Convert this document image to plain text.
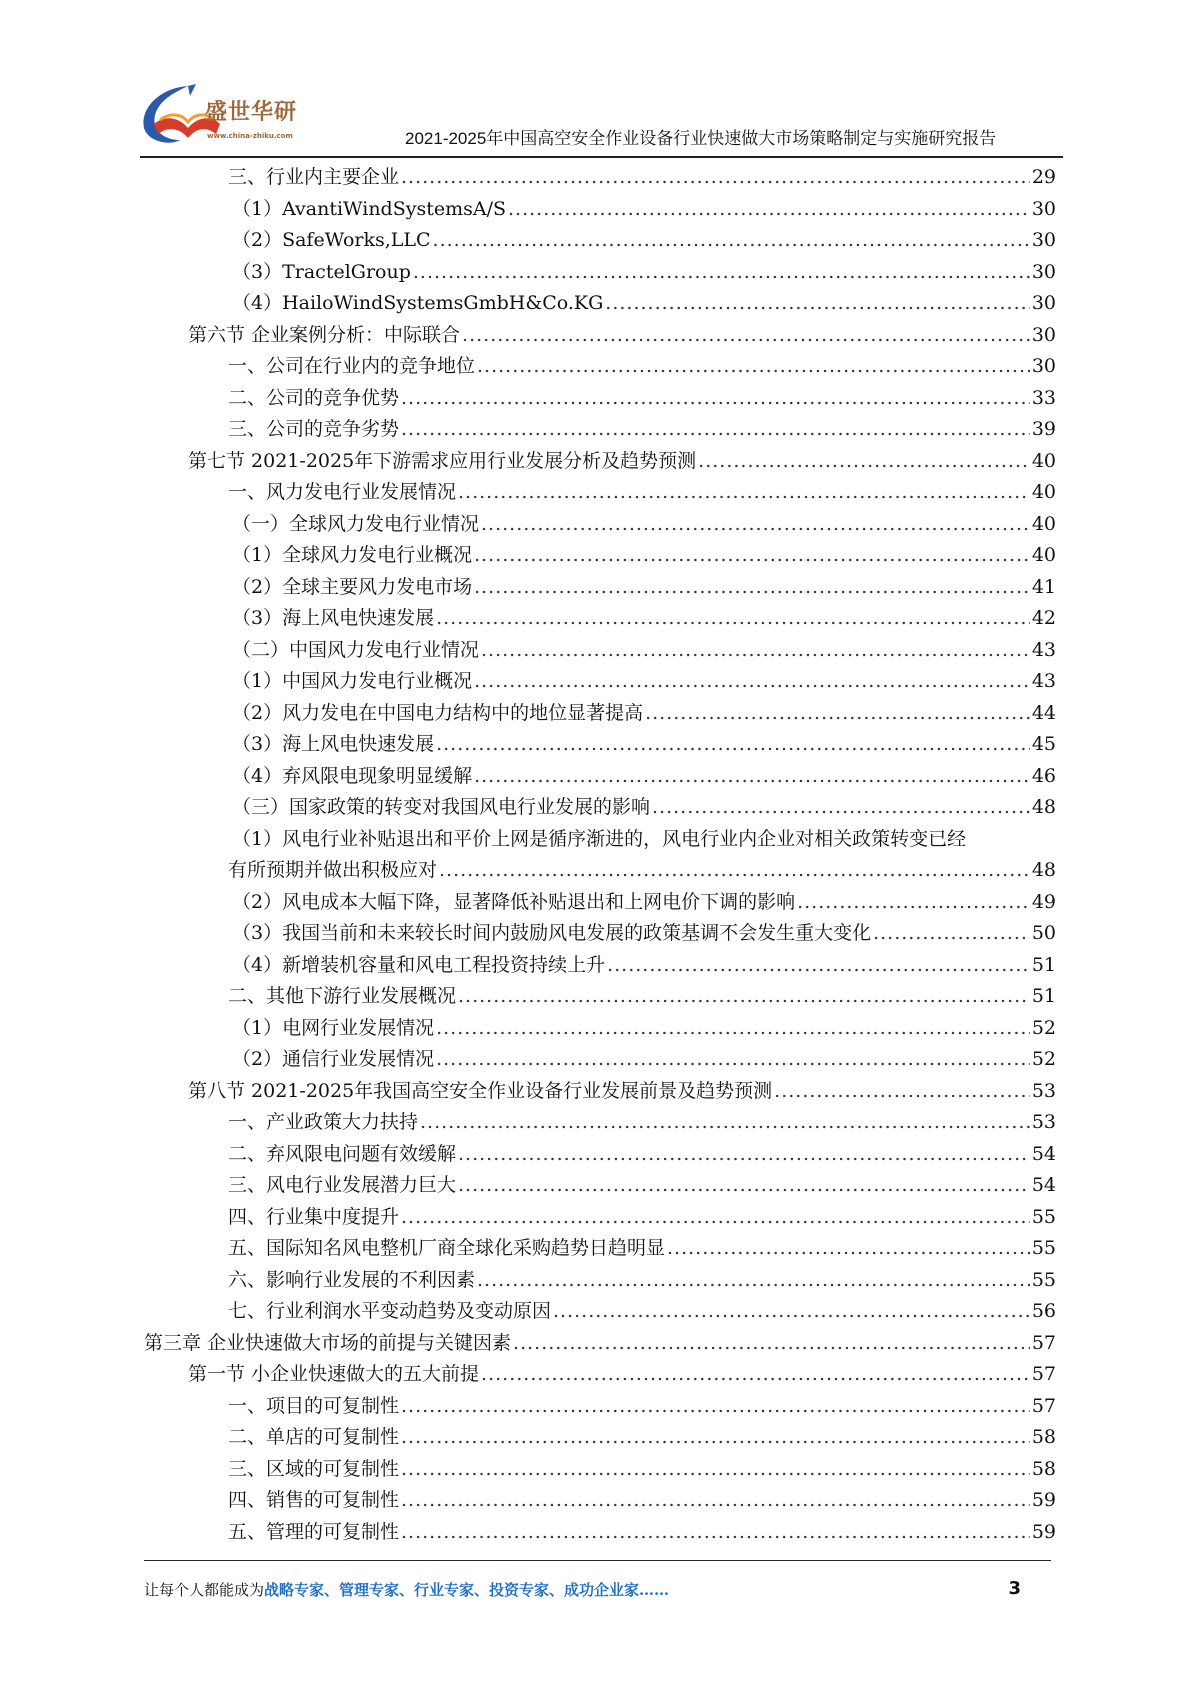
盛世华研
www.china-zhiku.com	2021-2025年中国高空安全作业设备行业快速做大市场策略制定与实施研究报告
三、行业内主要企业 .....	29
（1）AvantiWindSystemsA/S .....	30
（2）SafeWorks,LLC .....	30
（3）TractelGroup .....	30
（4）HailoWindSystemsGmbH&Co.KG .....	30
第六节 企业案例分析：中际联合 .....	30
一、公司在行业内的竞争地位 .....	30
二、公司的竞争优势 .....	33
三、公司的竞争劣势 .....	39
第七节 2021-2025年下游需求应用行业发展分析及趋势预测 .....	40
一、风力发电行业发展情况 .....	40
（一）全球风力发电行业情况 .....	40
（1）全球风力发电行业概况 .....	40
（2）全球主要风力发电市场 .....	41
（3）海上风电快速发展 .....	42
（二）中国风力发电行业情况 .....	43
（1）中国风力发电行业概况 .....	43
（2）风力发电在中国电力结构中的地位显著提高 .....	44
（3）海上风电快速发展 .....	45
（4）弃风限电现象明显缓解 .....	46
（三）国家政策的转变对我国风电行业发展的影响 .....	48
（1）风电行业补贴退出和平价上网是循序渐进的，风电行业内企业对相关政策转变已经
有所预期并做出积极应对 .....	48
（2）风电成本大幅下降，显著降低补贴退出和上网电价下调的影响 .....	49
（3）我国当前和未来较长时间内鼓励风电发展的政策基调不会发生重大变化 .....	50
（4）新增装机容量和风电工程投资持续上升 .....	51
二、其他下游行业发展概况 .....	51
（1）电网行业发展情况 .....	52
（2）通信行业发展情况 .....	52
第八节 2021-2025年我国高空安全作业设备行业发展前景及趋势预测 .....	53
一、产业政策大力扶持 .....	53
二、弃风限电问题有效缓解 .....	54
三、风电行业发展潜力巨大 .....	54
四、行业集中度提升 .....	55
五、国际知名风电整机厂商全球化采购趋势日趋明显 .....	55
六、影响行业发展的不利因素 .....	55
七、行业利润水平变动趋势及变动原因 .....	56
第三章 企业快速做大市场的前提与关键因素 .....	57
第一节 小企业快速做大的五大前提 .....	57
一、项目的可复制性 .....	57
二、单店的可复制性 .....	58
三、区域的可复制性 .....	58
四、销售的可复制性 .....	59
五、管理的可复制性 .....	59
让每个人都能成为战略专家、管理专家、行业专家、投资专家、成功企业家……	3
